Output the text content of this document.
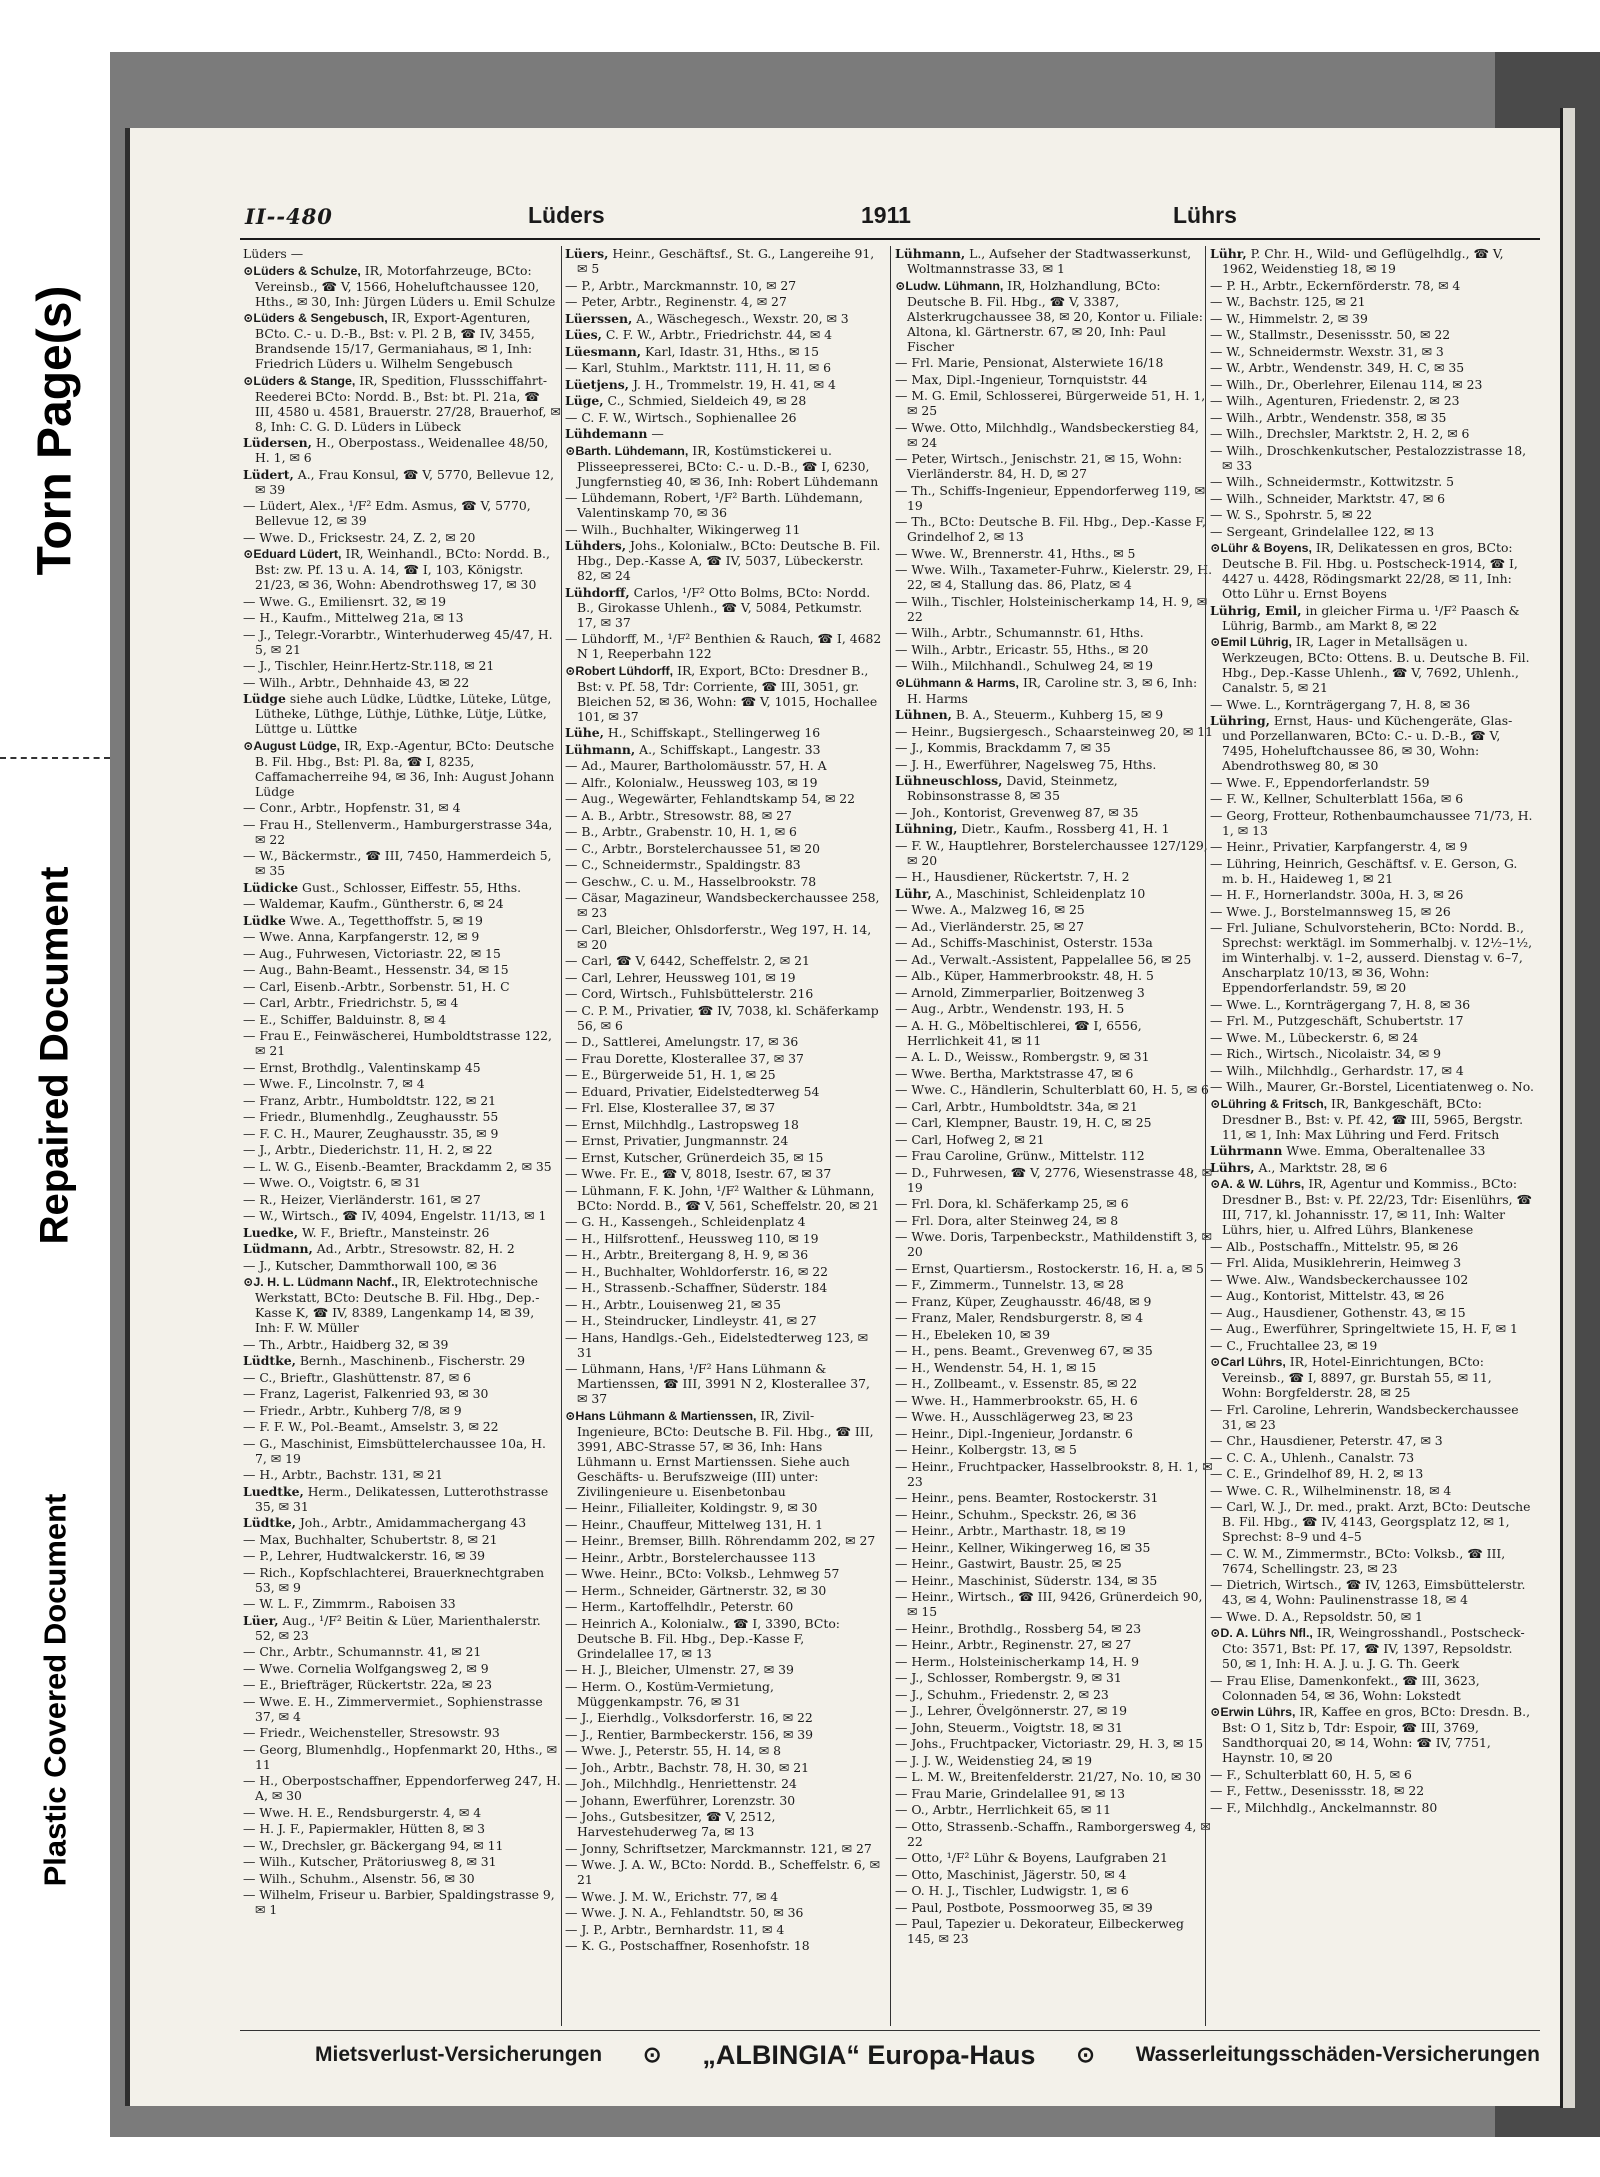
Torn Page(s)
Repaired Document
Plastic Covered Document
II--480	Lüders	1911	Lührs

Lüders —

⊙ Lüders & Schulze, IR, Motorfahrzeuge, BCto: Vereinsb., ☎ V, 1566, Hoheluftchaussee 120, Hths., ✉ 30, Inh: Jürgen Lüders u. Emil Schulze

⊙ Lüders & Sengebusch, IR, Export-Agenturen, BCto. C.- u. D.-B., Bst: v. Pl. 2 B, ☎ IV, 3455, Brandsende 15/17, Germaniahaus, ✉ 1, Inh: Friedrich Lüders u. Wilhelm Sengebusch

⊙ Lüders & Stange, IR, Spedition, Flussschiffahrt-Reederei BCto: Nordd. B., Bst: bt. Pl. 21a, ☎ III, 4580 u. 4581, Brauerstr. 27/28, Brauerhof, ✉ 8, Inh: C. G. D. Lüders in Lübeck

Lüdersen, H., Oberpostass., Weidenallee 48/50, H. 1, ✉ 6

Lüdert, A., Frau Konsul, ☎ V, 5770, Bellevue 12, ✉ 39

— Lüdert, Alex., ¹/F² Edm. Asmus, ☎ V, 5770, Bellevue 12, ✉ 39

— Wwe. D., Fricksestr. 24, Z. 2, ✉ 20

⊙ Eduard Lüdert, IR, Weinhandl., BCto: Nordd. B., Bst: zw. Pf. 13 u. A. 14, ☎ I, 103, Königstr. 21/23, ✉ 36, Wohn: Abendrothsweg 17, ✉ 30

— Wwe. G., Emiliensrt. 32, ✉ 19

— H., Kaufm., Mittelweg 21a, ✉ 13

— J., Telegr.-Vorarbtr., Winterhuderweg 45/47, H. 5, ✉ 21

— J., Tischler, Heinr.Hertz-Str.118, ✉ 21

— Wilh., Arbtr., Dehnhaide 43, ✉ 22

Lüdge siehe auch Lüdke, Lüdtke, Lüteke, Lütge, Lütheke, Lüthge, Lüthje, Lüthke, Lütje, Lütke, Lüttge u. Lüttke

⊙ August Lüdge, IR, Exp.-Agentur, BCto: Deutsche B. Fil. Hbg., Bst: Pl. 8a, ☎ I, 8235, Caffamacherreihe 94, ✉ 36, Inh: August Johann Lüdge

— Conr., Arbtr., Hopfenstr. 31, ✉ 4

— Frau H., Stellenverm., Hamburgerstrasse 34a, ✉ 22

— W., Bäckermstr., ☎ III, 7450, Hammerdeich 5, ✉ 35

Lüdicke Gust., Schlosser, Eiffestr. 55, Hths.

— Waldemar, Kaufm., Güntherstr. 6, ✉ 24

Lüdke Wwe. A., Tegetthoffstr. 5, ✉ 19

— Wwe. Anna, Karpfangerstr. 12, ✉ 9

— Aug., Fuhrwesen, Victoriastr. 22, ✉ 15

— Aug., Bahn-Beamt., Hessenstr. 34, ✉ 15

— Carl, Eisenb.-Arbtr., Sorbenstr. 51, H. C

— Carl, Arbtr., Friedrichstr. 5, ✉ 4

— E., Schiffer, Balduinstr. 8, ✉ 4

— Frau E., Feinwäscherei, Humboldtstrasse 122, ✉ 21

— Ernst, Brothdlg., Valentinskamp 45

— Wwe. F., Lincolnstr. 7, ✉ 4

— Franz, Arbtr., Humboldtstr. 122, ✉ 21

— Friedr., Blumenhdlg., Zeughausstr. 55

— F. C. H., Maurer, Zeughausstr. 35, ✉ 9

— J., Arbtr., Diederichstr. 11, H. 2, ✉ 22

— L. W. G., Eisenb.-Beamter, Brackdamm 2, ✉ 35

— Wwe. O., Voigtstr. 6, ✉ 31

— R., Heizer, Vierländerstr. 161, ✉ 27

— W., Wirtsch., ☎ IV, 4094, Engelstr. 11/13, ✉ 1

Luedke, W. F., Brieftr., Mansteinstr. 26

Lüdmann, Ad., Arbtr., Stresowstr. 82, H. 2

— J., Kutscher, Dammthorwall 100, ✉ 36

⊙ J. H. L. Lüdmann Nachf., IR, Elektrotechnische Werkstatt, BCto: Deutsche B. Fil. Hbg., Dep.-Kasse K, ☎ IV, 8389, Langenkamp 14, ✉ 39, Inh: F. W. Müller

— Th., Arbtr., Haidberg 32, ✉ 39

Lüdtke, Bernh., Maschinenb., Fischerstr. 29

— C., Brieftr., Glashüttenstr. 87, ✉ 6

— Franz, Lagerist, Falkenried 93, ✉ 30

— Friedr., Arbtr., Kuhberg 7/8, ✉ 9

— F. F. W., Pol.-Beamt., Amselstr. 3, ✉ 22

— G., Maschinist, Eimsbüttelerchaussee 10a, H. 7, ✉ 19

— H., Arbtr., Bachstr. 131, ✉ 21

Luedtke, Herm., Delikatessen, Lutterothstrasse 35, ✉ 31

Lüdtke, Joh., Arbtr., Amidammachergang 43

— Max, Buchhalter, Schubertstr. 8, ✉ 21

— P., Lehrer, Hudtwalckerstr. 16, ✉ 39

— Rich., Kopfschlachterei, Brauerknechtgraben 53, ✉ 9

— W. L. F., Zimmrm., Raboisen 33

Lüer, Aug., ¹/F² Beitin & Lüer, Marienthalerstr. 52, ✉ 23

— Chr., Arbtr., Schumannstr. 41, ✉ 21

— Wwe. Cornelia Wolfgangsweg 2, ✉ 9

— E., Briefträger, Rückertstr. 22a, ✉ 23

— Wwe. E. H., Zimmervermiet., Sophienstrasse 37, ✉ 4

— Friedr., Weichensteller, Stresowstr. 93

— Georg, Blumenhdlg., Hopfenmarkt 20, Hths., ✉ 11

— H., Oberpostschaffner, Eppendorferweg 247, H. A, ✉ 30

— Wwe. H. E., Rendsburgerstr. 4, ✉ 4

— H. J. F., Papiermakler, Hütten 8, ✉ 3

— W., Drechsler, gr. Bäckergang 94, ✉ 11

— Wilh., Kutscher, Prätoriusweg 8, ✉ 31

— Wilh., Schuhm., Alsenstr. 56, ✉ 30

— Wilhelm, Friseur u. Barbier, Spaldingstrasse 9, ✉ 1

Lüers, Heinr., Geschäftsf., St. G., Langereihe 91, ✉ 5

— P., Arbtr., Marckmannstr. 10, ✉ 27

— Peter, Arbtr., Reginenstr. 4, ✉ 27

Lüerssen, A., Wäschegesch., Wexstr. 20, ✉ 3

Lües, C. F. W., Arbtr., Friedrichstr. 44, ✉ 4

Lüesmann, Karl, Idastr. 31, Hths., ✉ 15

— Karl, Stuhlm., Marktstr. 111, H. 11, ✉ 6

Lüetjens, J. H., Trommelstr. 19, H. 41, ✉ 4

Lüge, C., Schmied, Sieldeich 49, ✉ 28

— C. F. W., Wirtsch., Sophienallee 26

Lühdemann —

⊙ Barth. Lühdemann, IR, Kostümstickerei u. Plisseepresserei, BCto: C.- u. D.-B., ☎ I, 6230, Jungfernstieg 40, ✉ 36, Inh: Robert Lühdemann

— Lühdemann, Robert, ¹/F² Barth. Lühdemann, Valentinskamp 70, ✉ 36

— Wilh., Buchhalter, Wikingerweg 11

Lühders, Johs., Kolonialw., BCto: Deutsche B. Fil. Hbg., Dep.-Kasse A, ☎ IV, 5037, Lübeckerstr. 82, ✉ 24

Lühdorff, Carlos, ¹/F² Otto Bolms, BCto: Nordd. B., Girokasse Uhlenh., ☎ V, 5084, Petkumstr. 17, ✉ 37

— Lühdorff, M., ¹/F² Benthien & Rauch, ☎ I, 4682 N 1, Reeperbahn 122

⊙ Robert Lühdorff, IR, Export, BCto: Dresdner B., Bst: v. Pf. 58, Tdr: Corriente, ☎ III, 3051, gr. Bleichen 52, ✉ 36, Wohn: ☎ V, 1015, Hochallee 101, ✉ 37

Lühe, H., Schiffskapt., Stellingerweg 16

Lühmann, A., Schiffskapt., Langestr. 33

— Ad., Maurer, Bartholomäusstr. 57, H. A

— Alfr., Kolonialw., Heussweg 103, ✉ 19

— Aug., Wegewärter, Fehlandtskamp 54, ✉ 22

— A. B., Arbtr., Stresowstr. 88, ✉ 27

— B., Arbtr., Grabenstr. 10, H. 1, ✉ 6

— C., Arbtr., Borstelerchaussee 51, ✉ 20

— C., Schneidermstr., Spaldingstr. 83

— Geschw., C. u. M., Hasselbrookstr. 78

— Cäsar, Magazineur, Wandsbeckerchaussee 258, ✉ 23

— Carl, Bleicher, Ohlsdorferstr., Weg 197, H. 14, ✉ 20

— Carl, ☎ V, 6442, Scheffelstr. 2, ✉ 21

— Carl, Lehrer, Heussweg 101, ✉ 19

— Cord, Wirtsch., Fuhlsbüttelerstr. 216

— C. P. M., Privatier, ☎ IV, 7038, kl. Schäferkamp 56, ✉ 6

— D., Sattlerei, Amelungstr. 17, ✉ 36

— Frau Dorette, Klosterallee 37, ✉ 37

— E., Bürgerweide 51, H. 1, ✉ 25

— Eduard, Privatier, Eidelstedterweg 54

— Frl. Else, Klosterallee 37, ✉ 37

— Ernst, Milchhdlg., Lastropsweg 18

— Ernst, Privatier, Jungmannstr. 24

— Ernst, Kutscher, Grünerdeich 35, ✉ 15

— Wwe. Fr. E., ☎ V, 8018, Isestr. 67, ✉ 37

— Lühmann, F. K. John, ¹/F² Walther & Lühmann, BCto: Nordd. B., ☎ V, 561, Scheffelstr. 20, ✉ 21

— G. H., Kassengeh., Schleidenplatz 4

— H., Hilfsrottenf., Heussweg 110, ✉ 19

— H., Arbtr., Breitergang 8, H. 9, ✉ 36

— H., Buchhalter, Wohldorferstr. 16, ✉ 22

— H., Strassenb.-Schaffner, Süderstr. 184

— H., Arbtr., Louisenweg 21, ✉ 35

— H., Steindrucker, Lindleystr. 41, ✉ 27

— Hans, Handlgs.-Geh., Eidelstedterweg 123, ✉ 31

— Lühmann, Hans, ¹/F² Hans Lühmann & Martienssen, ☎ III, 3991 N 2, Klosterallee 37, ✉ 37

⊙ Hans Lühmann & Martienssen, IR, Zivil-Ingenieure, BCto: Deutsche B. Fil. Hbg., ☎ III, 3991, ABC-Strasse 57, ✉ 36, Inh: Hans Lühmann u. Ernst Martienssen. Siehe auch Geschäfts- u. Berufszweige (III) unter: Zivilingenieure u. Eisenbetonbau

— Heinr., Filialleiter, Koldingstr. 9, ✉ 30

— Heinr., Chauffeur, Mittelweg 131, H. 1

— Heinr., Bremser, Billh. Röhrendamm 202, ✉ 27

— Heinr., Arbtr., Borstelerchaussee 113

— Wwe. Heinr., BCto: Volksb., Lehmweg 57

— Herm., Schneider, Gärtnerstr. 32, ✉ 30

— Herm., Kartoffelhdlr., Peterstr. 60

— Heinrich A., Kolonialw., ☎ I, 3390, BCto: Deutsche B. Fil. Hbg., Dep.-Kasse F, Grindelallee 17, ✉ 13

— H. J., Bleicher, Ulmenstr. 27, ✉ 39

— Herm. O., Kostüm-Vermietung, Müggenkampstr. 76, ✉ 31

— J., Eierhdlg., Volksdorferstr. 16, ✉ 22

— J., Rentier, Barmbeckerstr. 156, ✉ 39

— Wwe. J., Peterstr. 55, H. 14, ✉ 8

— Joh., Arbtr., Bachstr. 78, H. 30, ✉ 21

— Joh., Milchhdlg., Henriettenstr. 24

— Johann, Ewerführer, Lorenzstr. 30

— Johs., Gutsbesitzer, ☎ V, 2512, Harvestehuderweg 7a, ✉ 13

— Jonny, Schriftsetzer, Marckmannstr. 121, ✉ 27

— Wwe. J. A. W., BCto: Nordd. B., Scheffelstr. 6, ✉ 21

— Wwe. J. M. W., Erichstr. 77, ✉ 4

— Wwe. J. N. A., Fehlandtstr. 50, ✉ 36

— J. P., Arbtr., Bernhardstr. 11, ✉ 4

— K. G., Postschaffner, Rosenhofstr. 18

Lühmann, L., Aufseher der Stadtwasserkunst, Woltmannstrasse 33, ✉ 1

⊙ Ludw. Lühmann, IR, Holzhandlung, BCto: Deutsche B. Fil. Hbg., ☎ V, 3387, Alsterkrugchaussee 38, ✉ 20, Kontor u. Filiale: Altona, kl. Gärtnerstr. 67, ✉ 20, Inh: Paul Fischer

— Frl. Marie, Pensionat, Alsterwiete 16/18

— Max, Dipl.-Ingenieur, Tornquiststr. 44

— M. G. Emil, Schlosserei, Bürgerweide 51, H. 1, ✉ 25

— Wwe. Otto, Milchhdlg., Wandsbeckerstieg 84, ✉ 24

— Peter, Wirtsch., Jenischstr. 21, ✉ 15, Wohn: Vierländerstr. 84, H. D, ✉ 27

— Th., Schiffs-Ingenieur, Eppendorferweg 119, ✉ 19

— Th., BCto: Deutsche B. Fil. Hbg., Dep.-Kasse F, Grindelhof 2, ✉ 13

— Wwe. W., Brennerstr. 41, Hths., ✉ 5

— Wwe. Wilh., Taxameter-Fuhrw., Kielerstr. 29, H. 22, ✉ 4, Stallung das. 86, Platz, ✉ 4

— Wilh., Tischler, Holsteinischerkamp 14, H. 9, ✉ 22

— Wilh., Arbtr., Schumannstr. 61, Hths.

— Wilh., Arbtr., Ericastr. 55, Hths., ✉ 20

— Wilh., Milchhandl., Schulweg 24, ✉ 19

⊙ Lühmann & Harms, IR, Caroline str. 3, ✉ 6, Inh: H. Harms

Lühnen, B. A., Steuerm., Kuhberg 15, ✉ 9

— Heinr., Bugsiergesch., Schaarsteinweg 20, ✉ 11

— J., Kommis, Brackdamm 7, ✉ 35

— J. H., Ewerführer, Nagelsweg 75, Hths.

Lühneuschloss, David, Steinmetz, Robinsonstrasse 8, ✉ 35

— Joh., Kontorist, Grevenweg 87, ✉ 35

Lühning, Dietr., Kaufm., Rossberg 41, H. 1

— F. W., Hauptlehrer, Borstelerchaussee 127/129, ✉ 20

— H., Hausdiener, Rückertstr. 7, H. 2

Lühr, A., Maschinist, Schleidenplatz 10

— Wwe. A., Malzweg 16, ✉ 25

— Ad., Vierländerstr. 25, ✉ 27

— Ad., Schiffs-Maschinist, Osterstr. 153a

— Ad., Verwalt.-Assistent, Pappelallee 56, ✉ 25

— Alb., Küper, Hammerbrookstr. 48, H. 5

— Arnold, Zimmerparlier, Boitzenweg 3

— Aug., Arbtr., Wendenstr. 193, H. 5

— A. H. G., Möbeltischlerei, ☎ I, 6556, Herrlichkeit 41, ✉ 11

— A. L. D., Weissw., Rombergstr. 9, ✉ 31

— Wwe. Bertha, Marktstrasse 47, ✉ 6

— Wwe. C., Händlerin, Schulterblatt 60, H. 5, ✉ 6

— Carl, Arbtr., Humboldtstr. 34a, ✉ 21

— Carl, Klempner, Baustr. 19, H. C, ✉ 25

— Carl, Hofweg 2, ✉ 21

— Frau Caroline, Grünw., Mittelstr. 112

— D., Fuhrwesen, ☎ V, 2776, Wiesenstrasse 48, ✉ 19

— Frl. Dora, kl. Schäferkamp 25, ✉ 6

— Frl. Dora, alter Steinweg 24, ✉ 8

— Wwe. Doris, Tarpenbeckstr., Mathildenstift 3, ✉ 20

— Ernst, Quartiersm., Rostockerstr. 16, H. a, ✉ 5

— F., Zimmerm., Tunnelstr. 13, ✉ 28

— Franz, Küper, Zeughausstr. 46/48, ✉ 9

— Franz, Maler, Rendsburgerstr. 8, ✉ 4

— H., Ebeleken 10, ✉ 39

— H., pens. Beamt., Grevenweg 67, ✉ 35

— H., Wendenstr. 54, H. 1, ✉ 15

— H., Zollbeamt., v. Essenstr. 85, ✉ 22

— Wwe. H., Hammerbrookstr. 65, H. 6

— Wwe. H., Ausschlägerweg 23, ✉ 23

— Heinr., Dipl.-Ingenieur, Jordanstr. 6

— Heinr., Kolbergstr. 13, ✉ 5

— Heinr., Fruchtpacker, Hasselbrookstr. 8, H. 1, ✉ 23

— Heinr., pens. Beamter, Rostockerstr. 31

— Heinr., Schuhm., Speckstr. 26, ✉ 36

— Heinr., Arbtr., Marthastr. 18, ✉ 19

— Heinr., Kellner, Wikingerweg 16, ✉ 35

— Heinr., Gastwirt, Baustr. 25, ✉ 25

— Heinr., Maschinist, Süderstr. 134, ✉ 35

— Heinr., Wirtsch., ☎ III, 9426, Grünerdeich 90, ✉ 15

— Heinr., Brothdlg., Rossberg 54, ✉ 23

— Heinr., Arbtr., Reginenstr. 27, ✉ 27

— Herm., Holsteinischerkamp 14, H. 9

— J., Schlosser, Rombergstr. 9, ✉ 31

— J., Schuhm., Friedenstr. 2, ✉ 23

— J., Lehrer, Övelgönnerstr. 27, ✉ 19

— John, Steuerm., Voigtstr. 18, ✉ 31

— Johs., Fruchtpacker, Victoriastr. 29, H. 3, ✉ 15

— J. J. W., Weidenstieg 24, ✉ 19

— L. M. W., Breitenfelderstr. 21/27, No. 10, ✉ 30

— Frau Marie, Grindelallee 91, ✉ 13

— O., Arbtr., Herrlichkeit 65, ✉ 11

— Otto, Strassenb.-Schaffn., Ramborgersweg 4, ✉ 22

— Otto, ¹/F² Lühr & Boyens, Laufgraben 21

— Otto, Maschinist, Jägerstr. 50, ✉ 4

— O. H. J., Tischler, Ludwigstr. 1, ✉ 6

— Paul, Postbote, Possmoorweg 35, ✉ 39

— Paul, Tapezier u. Dekorateur, Eilbeckerweg 145, ✉ 23

Lühr, P. Chr. H., Wild- und Geflügelhdlg., ☎ V, 1962, Weidenstieg 18, ✉ 19

— P. H., Arbtr., Eckernförderstr. 78, ✉ 4

— W., Bachstr. 125, ✉ 21

— W., Himmelstr. 2, ✉ 39

— W., Stallmstr., Desenissstr. 50, ✉ 22

— W., Schneidermstr. Wexstr. 31, ✉ 3

— W., Arbtr., Wendenstr. 349, H. C, ✉ 35

— Wilh., Dr., Oberlehrer, Eilenau 114, ✉ 23

— Wilh., Agenturen, Friedenstr. 2, ✉ 23

— Wilh., Arbtr., Wendenstr. 358, ✉ 35

— Wilh., Drechsler, Marktstr. 2, H. 2, ✉ 6

— Wilh., Droschkenkutscher, Pestalozzistrasse 18, ✉ 33

— Wilh., Schneidermstr., Kottwitzstr. 5

— Wilh., Schneider, Marktstr. 47, ✉ 6

— W. S., Spohrstr. 5, ✉ 22

— Sergeant, Grindelallee 122, ✉ 13

⊙ Lühr & Boyens, IR, Delikatessen en gros, BCto: Deutsche B. Fil. Hbg. u. Postscheck-1914, ☎ I, 4427 u. 4428, Rödingsmarkt 22/28, ✉ 11, Inh: Otto Lühr u. Ernst Boyens

Lührig, Emil, in gleicher Firma u. ¹/F² Paasch & Lührig, Barmb., am Markt 8, ✉ 22

⊙ Emil Lührig, IR, Lager in Metallsägen u. Werkzeugen, BCto: Ottens. B. u. Deutsche B. Fil. Hbg., Dep.-Kasse Uhlenh., ☎ V, 7692, Uhlenh., Canalstr. 5, ✉ 21

— Wwe. L., Kornträgergang 7, H. 8, ✉ 36

Lühring, Ernst, Haus- und Küchengeräte, Glas- und Porzellanwaren, BCto: C.- u. D.-B., ☎ V, 7495, Hoheluftchaussee 86, ✉ 30, Wohn: Abendrothsweg 80, ✉ 30

— Wwe. F., Eppendorferlandstr. 59

— F. W., Kellner, Schulterblatt 156a, ✉ 6

— Georg, Frotteur, Rothenbaumchaussee 71/73, H. 1, ✉ 13

— Heinr., Privatier, Karpfangerstr. 4, ✉ 9

— Lühring, Heinrich, Geschäftsf. v. E. Gerson, G. m. b. H., Haideweg 1, ✉ 21

— H. F., Hornerlandstr. 300a, H. 3, ✉ 26

— Wwe. J., Borstelmannsweg 15, ✉ 26

— Frl. Juliane, Schulvorsteherin, BCto: Nordd. B., Sprechst: werktägl. im Sommerhalbj. v. 12½–1½, im Winterhalbj. v. 1–2, ausserd. Dienstag v. 6–7, Anscharplatz 10/13, ✉ 36, Wohn: Eppendorferlandstr. 59, ✉ 20

— Wwe. L., Kornträgergang 7, H. 8, ✉ 36

— Frl. M., Putzgeschäft, Schubertstr. 17

— Wwe. M., Lübeckerstr. 6, ✉ 24

— Rich., Wirtsch., Nicolaistr. 34, ✉ 9

— Wilh., Milchhdlg., Gerhardstr. 17, ✉ 4

— Wilh., Maurer, Gr.-Borstel, Licentiatenweg o. No.

⊙ Lühring & Fritsch, IR, Bankgeschäft, BCto: Dresdner B., Bst: v. Pf. 42, ☎ III, 5965, Bergstr. 11, ✉ 1, Inh: Max Lühring und Ferd. Fritsch

Lührmann Wwe. Emma, Oberaltenallee 33

Lührs, A., Marktstr. 28, ✉ 6

⊙ A. & W. Lührs, IR, Agentur und Kommiss., BCto: Dresdner B., Bst: v. Pf. 22/23, Tdr: Eisenlührs, ☎ III, 717, kl. Johannisstr. 17, ✉ 11, Inh: Walter Lührs, hier, u. Alfred Lührs, Blankenese

— Alb., Postschaffn., Mittelstr. 95, ✉ 26

— Frl. Alida, Musiklehrerin, Heimweg 3

— Wwe. Alw., Wandsbeckerchaussee 102

— Aug., Kontorist, Mittelstr. 43, ✉ 26

— Aug., Hausdiener, Gothenstr. 43, ✉ 15

— Aug., Ewerführer, Springeltwiete 15, H. F, ✉ 1

— C., Fruchtallee 23, ✉ 19

⊙ Carl Lührs, IR, Hotel-Einrichtungen, BCto: Vereinsb., ☎ I, 8897, gr. Burstah 55, ✉ 11, Wohn: Borgfelderstr. 28, ✉ 25

— Frl. Caroline, Lehrerin, Wandsbeckerchaussee 31, ✉ 23

— Chr., Hausdiener, Peterstr. 47, ✉ 3

— C. C. A., Uhlenh., Canalstr. 73

— C. E., Grindelhof 89, H. 2, ✉ 13

— Wwe. C. R., Wilhelminenstr. 18, ✉ 4

— Carl, W. J., Dr. med., prakt. Arzt, BCto: Deutsche B. Fil. Hbg., ☎ IV, 4143, Georgsplatz 12, ✉ 1, Sprechst: 8–9 und 4–5

— C. W. M., Zimmermstr., BCto: Volksb., ☎ III, 7674, Schellingstr. 23, ✉ 23

— Dietrich, Wirtsch., ☎ IV, 1263, Eimsbüttelerstr. 43, ✉ 4, Wohn: Paulinenstrasse 18, ✉ 4

— Wwe. D. A., Repsoldstr. 50, ✉ 1

⊙ D. A. Lührs Nfl., IR, Weingrosshandl., Postscheck-Cto: 3571, Bst: Pf. 17, ☎ IV, 1397, Repsoldstr. 50, ✉ 1, Inh: H. A. J. u. J. G. Th. Geerk

— Frau Elise, Damenkonfekt., ☎ III, 3623, Colonnaden 54, ✉ 36, Wohn: Lokstedt

⊙ Erwin Lührs, IR, Kaffee en gros, BCto: Dresdn. B., Bst: O 1, Sitz b, Tdr: Espoir, ☎ III, 3769, Sandthorquai 20, ✉ 14, Wohn: ☎ IV, 7751, Haynstr. 10, ✉ 20

— F., Schulterblatt 60, H. 5, ✉ 6

— F., Fettw., Desenissstr. 18, ✉ 22

— F., Milchhdlg., Anckelmannstr. 80

Mietsverlust-Versicherungen ⊙ „ALBINGIA“ Europa-Haus ⊙ Wasserleitungsschäden-Versicherungen
